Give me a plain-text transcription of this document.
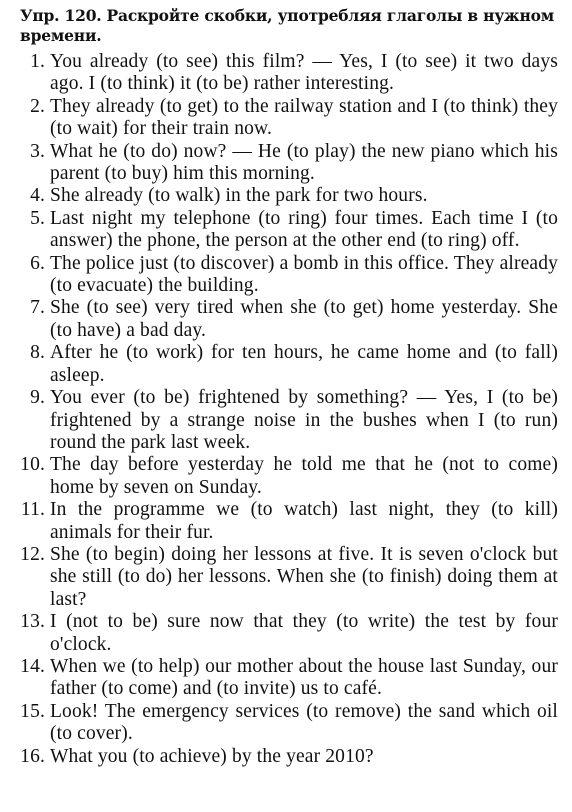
Упр. 120. Раскройте скобки, употребляя глаголы в нужном времени.
1. You already (to see) this film? — Yes, I (to see) it two days ago. I (to think) it (to be) rather interesting.
2. They already (to get) to the railway station and I (to think) they (to wait) for their train now.
3. What he (to do) now? — He (to play) the new piano which his parent (to buy) him this morning.
4. She already (to walk) in the park for two hours.
5. Last night my telephone (to ring) four times. Each time I (to answer) the phone, the person at the other end (to ring) off.
6. The police just (to discover) a bomb in this office. They already (to evacuate) the building.
7. She (to see) very tired when she (to get) home yesterday. She (to have) a bad day.
8. After he (to work) for ten hours, he came home and (to fall) asleep.
9. You ever (to be) frightened by something? — Yes, I (to be) frightened by a strange noise in the bushes when I (to run) round the park last week.
10. The day before yesterday he told me that he (not to come) home by seven on Sunday.
11. In the programme we (to watch) last night, they (to kill) animals for their fur.
12. She (to begin) doing her lessons at five. It is seven o'clock but she still (to do) her lessons. When she (to finish) doing them at last?
13. I (not to be) sure now that they (to write) the test by four o'clock.
14. When we (to help) our mother about the house last Sunday, our father (to come) and (to invite) us to café.
15. Look! The emergency services (to remove) the sand which oil (to cover).
16. What you (to achieve) by the year 2010?
